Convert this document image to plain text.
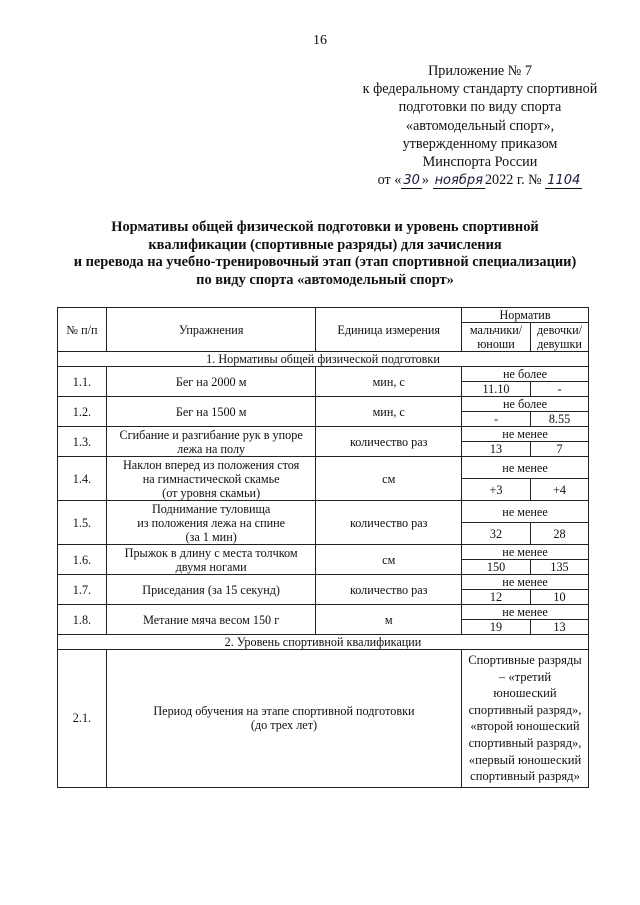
16
Приложение № 7
к федеральному стандарту спортивной
подготовки по виду спорта
«автомодельный спорт»,
утвержденному приказом
Минспорта России
от « 30 » ноября 2022 г. № 1104
Нормативы общей физической подготовки и уровень спортивной
квалификации (спортивные разряды) для зачисления
и перевода на учебно-тренировочный этап (этап спортивной специализации)
по виду спорта «автомодельный спорт»
№ п/п	Упражнения	Единица измерения	Норматив	
			мальчики/ юноши	девочки/ девушки
1. Нормативы общей физической подготовки				
1.1.	Бег на 2000 м	мин, с	не более	
			11.10	-
1.2.	Бег на 1500 м	мин, с	не более	
			-	8.55
1.3.	Сгибание и разгибание рук в упоре лежа на полу	количество раз	не менее	
			13	7
1.4.	Наклон вперед из положения стоя
на гимнастической скамье
(от уровня скамьи)	см	не менее	
			+3	+4
1.5.	Поднимание туловища
из положения лежа на спине
(за 1 мин)	количество раз	не менее	
			32	28
1.6.	Прыжок в длину с места толчком двумя ногами	см	не менее	
			150	135
1.7.	Приседания (за 15 секунд)	количество раз	не менее	
			12	10
1.8.	Метание мяча весом 150 г	м	не менее	
			19	13
2. Уровень спортивной квалификации				
2.1.	Период обучения на этапе спортивной подготовки
(до трех лет)		Спортивные разряды – «третий юношеский спортивный разряд», «второй юношеский спортивный разряд», «первый юношеский спортивный разряд»	
